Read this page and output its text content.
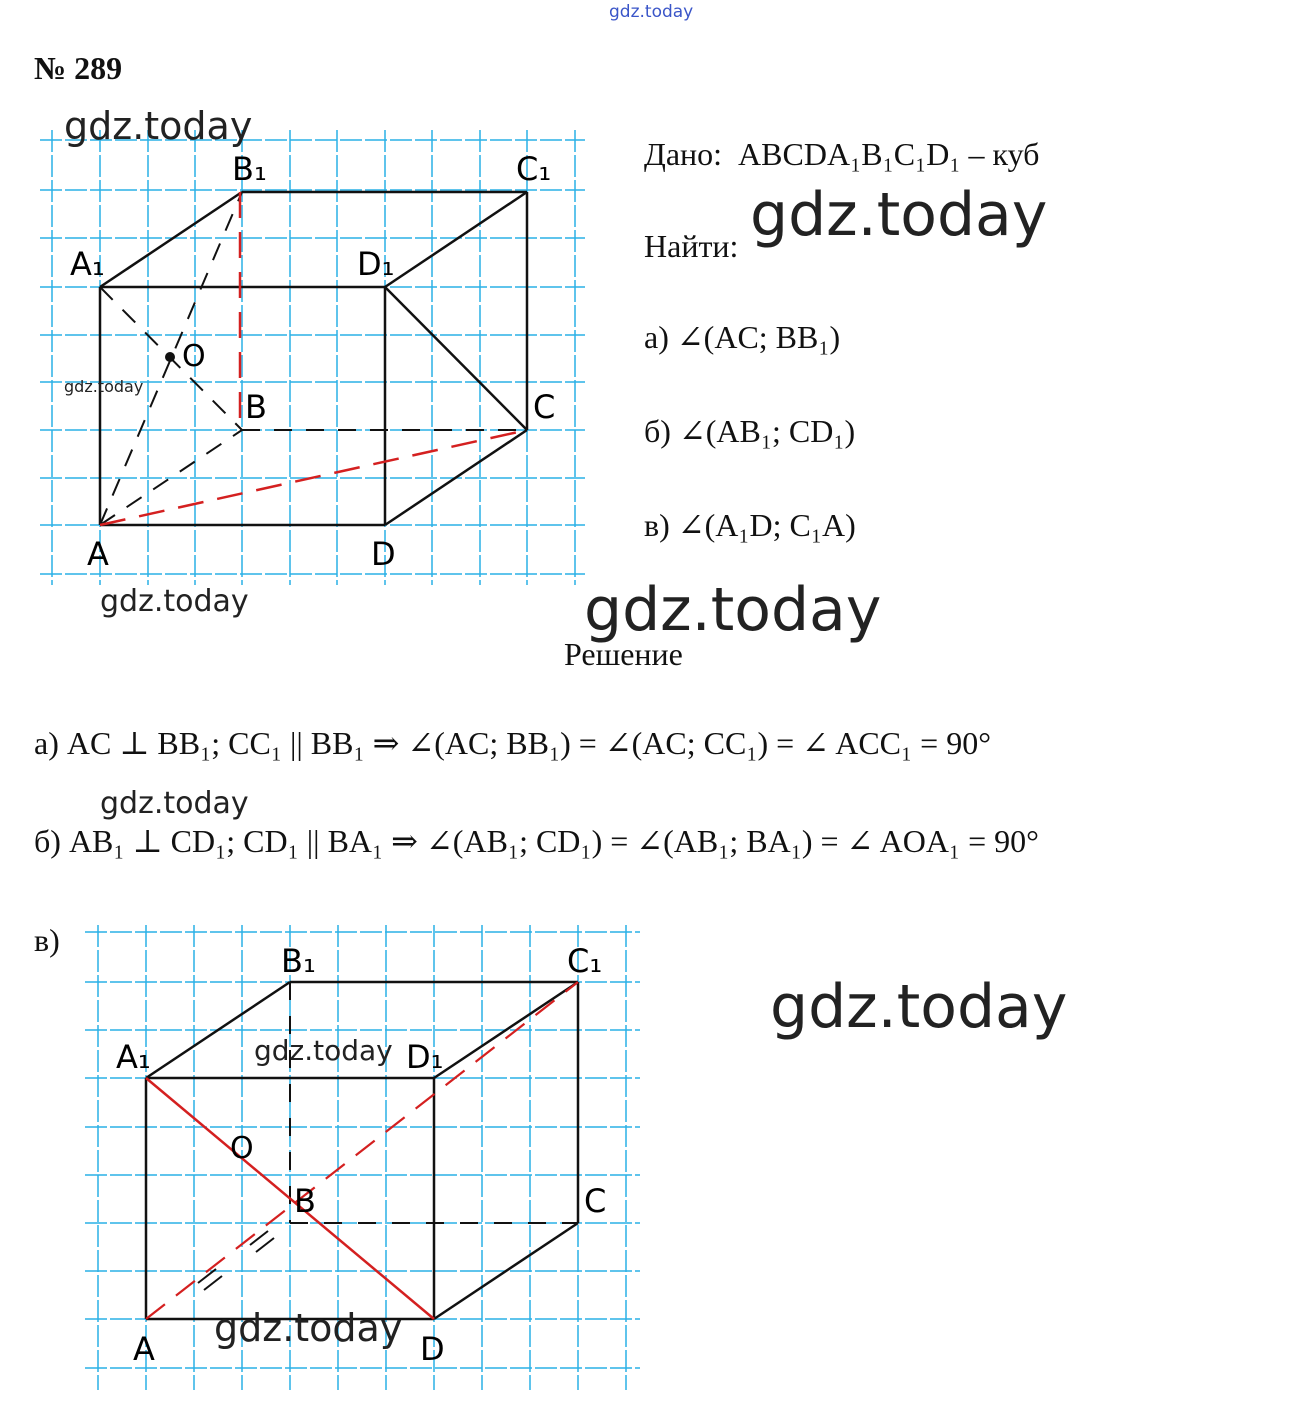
gdz.today
№ 289
A₁
B₁	C₁
D₁
O
B	C
A	D
gdz.today
gdz.today
gdz.today
Дано: ABCDA₁B₁C₁D₁ – куб
gdz.today
Найти:
а) ∠(AC; BB₁)
б) ∠(AB₁; CD₁)
в) ∠(A₁D; C₁A)
gdz.today
Решение
а) AC ⊥ BB₁; CC₁ || BB₁ ⇒ ∠(AC; BB₁) = ∠(AC; CC₁) = ∠ ACC₁ = 90°
gdz.today
б) AB₁ ⊥ CD₁; CD₁ || BA₁ ⇒ ∠(AB₁; CD₁) = ∠(AB₁; BA₁) = ∠ AOA₁ = 90°
в)
A₁
B₁	C₁
D₁
O
B	C
A	D
gdz.today
gdz.today
gdz.today
